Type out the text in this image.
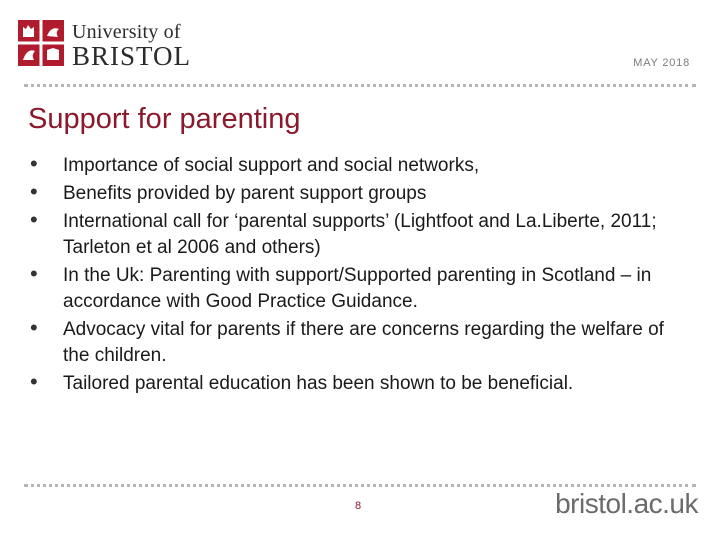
University of
BRISTOL	MAY 2018
Support for parenting
• Importance of social support and social networks,
• Benefits provided by parent support groups
• International call for ‘parental supports’ (Lightfoot and La.Liberte, 2011; Tarleton et al 2006 and others)
• In the Uk: Parenting with support/Supported parenting in Scotland – in accordance with Good Practice Guidance.
• Advocacy vital for parents if there are concerns regarding the welfare of the children.
• Tailored parental education has been shown to be beneficial.
8	bristol.ac.uk
